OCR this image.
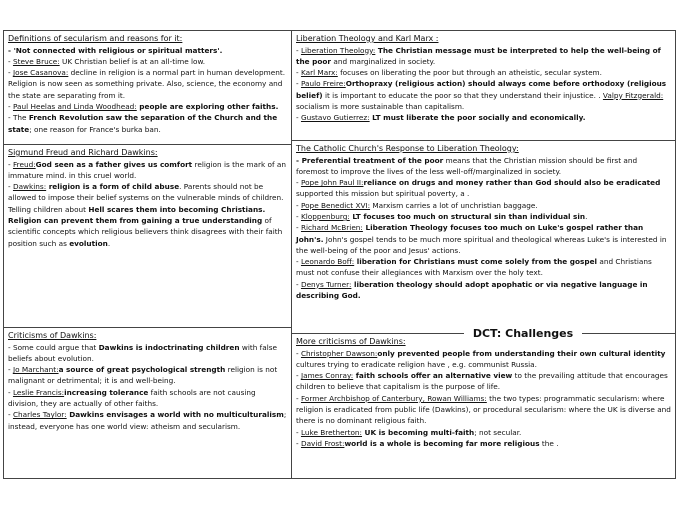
Definitions of secularism and reasons for it:
- 'Not connected with religious or spiritual matters'.
- Steve Bruce: UK Christian belief is at an all-time low.
- Jose Casanova: decline in religion is a normal part in human development. Religion is now seen as something private. Also, science, the economy and the state are separating from it.
- Paul Heelas and Linda Woodhead: people are exploring other faiths.
- The French Revolution saw the separation of the Church and the state; one reason for France's burka ban.
Sigmund Freud and Richard Dawkins:
- Freud:God seen as a father gives us comfort religion is the mark of an immature mind. in this cruel world.
- Dawkins: religion is a form of child abuse. Parents should not be allowed to impose their belief systems on the vulnerable minds of children. Telling children about Hell scares them into becoming Christians. Religion can prevent them from gaining a true understanding of scientific concepts which religious believers think disagrees with their faith position such as evolution.
Criticisms of Dawkins:
- Some could argue that Dawkins is indoctrinating children with false beliefs about evolution.
- Jo Marchant:a source of great psychological strength religion is not malignant or detrimental; it is and well-being.
- Leslie Francis:increasing tolerance faith schools are not causing division, they are actually of other faiths.
- Charles Taylor: Dawkins envisages a world with no multiculturalism; instead, everyone has one world view: atheism and secularism.
Liberation Theology and Karl Marx :
- Liberation Theology: The Christian message must be interpreted to help the well-being of the poor and marginalized in society.
- Karl Marx: focuses on liberating the poor but through an atheistic, secular system.
- Paulo Freire:Orthopraxy (religious action) should always come before orthodoxy (religious belief) it is important to educate the poor so that they understand their injustice. . Valpy Fitzgerald: socialism is more sustainable than capitalism.
- Gustavo Gutierrez: LT must liberate the poor socially and economically.
The Catholic Church's Response to Liberation Theology:
- Preferential treatment of the poor means that the Christian mission should be first and foremost to improve the lives of the less well-off/marginalized in society.
- Pope John Paul II:reliance on drugs and money rather than God should also be eradicated supported this mission but spiritual poverty, a .
- Pope Benedict XVI: Marxism carries a lot of unchristian baggage.
- Kloppenburg: LT focuses too much on structural sin than individual sin.
- Richard McBrien: Liberation Theology focuses too much on Luke's gospel rather than John's. John's gospel tends to be much more spiritual and theological whereas Luke's is interested in the well-being of the poor and Jesus' actions.
- Leonardo Boff: liberation for Christians must come solely from the gospel and Christians must not confuse their allegiances with Marxism over the holy text.
- Denys Turner: liberation theology should adopt apophatic or via negative language in describing God.
More criticisms of Dawkins:
- Christopher Dawson:only prevented people from understanding their own cultural identity cultures trying to eradicate religion have , e.g. communist Russia.
- James Conray: faith schools offer an alternative view to the prevailing attitude that encourages children to believe that capitalism is the purpose of life.
- Former Archbishop of Canterbury, Rowan Williams: the two types: programmatic secularism: where religion is eradicated from public life (Dawkins), or procedural secularism: where the UK is diverse and there is no dominant religious faith.
- Luke Bretherton: UK is becoming multi-faith; not secular.
- David Frost:world is a whole is becoming far more religious the .
DCT: Challenges
